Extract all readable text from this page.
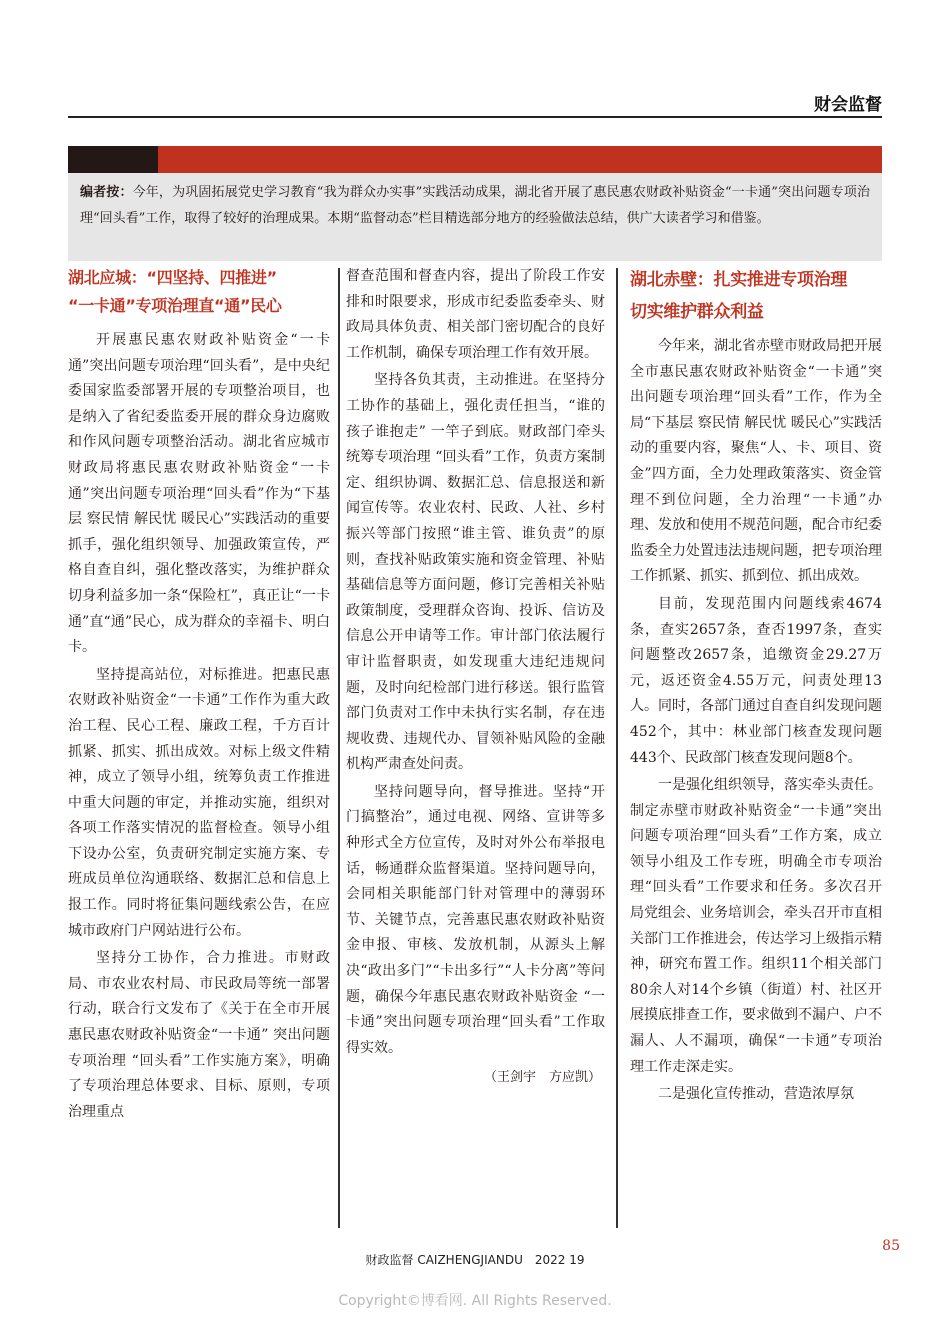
财会监督
编者按：今年，为巩固拓展党史学习教育“我为群众办实事”实践活动成果，湖北省开展了惠民惠农财政补贴资金“一卡通”突出问题专项治理“回头看”工作，取得了较好的治理成果。本期“监督动态”栏目精选部分地方的经验做法总结，供广大读者学习和借鉴。
湖北应城：“四坚持、四推进”
“一卡通”专项治理直“通”民心

开展惠民惠农财政补贴资金“一卡通”突出问题专项治理“回头看”，是中央纪委国家监委部署开展的专项整治项目，也是纳入了省纪委监委开展的群众身边腐败和作风问题专项整治活动。湖北省应城市财政局将惠民惠农财政补贴资金“一卡通”突出问题专项治理“回头看”作为“下基层 察民情 解民忧 暖民心”实践活动的重要抓手，强化组织领导、加强政策宣传，严格自查自纠，强化整改落实，为维护群众切身利益多加一条“保险杠”，真正让“一卡通”直“通”民心，成为群众的幸福卡、明白卡。

坚持提高站位，对标推进。把惠民惠农财政补贴资金“一卡通”工作作为重大政治工程、民心工程、廉政工程，千方百计抓紧、抓实、抓出成效。对标上级文件精神，成立了领导小组，统筹负责工作推进中重大问题的审定，并推动实施，组织对各项工作落实情况的监督检查。领导小组下设办公室，负责研究制定实施方案、专班成员单位沟通联络、数据汇总和信息上报工作。同时将征集问题线索公告，在应城市政府门户网站进行公布。

坚持分工协作，合力推进。市财政局、市农业农村局、市民政局等统一部署行动，联合行文发布了《关于在全市开展惠民惠农财政补贴资金“一卡通” 突出问题专项治理 “回头看”工作实施方案》，明确了专项治理总体要求、目标、原则，专项治理重点

督查范围和督查内容，提出了阶段工作安排和时限要求，形成市纪委监委牵头、财政局具体负责、相关部门密切配合的良好工作机制，确保专项治理工作有效开展。

坚持各负其责，主动推进。在坚持分工协作的基础上，强化责任担当，“谁的孩子谁抱走” 一竿子到底。财政部门牵头统筹专项治理 “回头看”工作，负责方案制定、组织协调、数据汇总、信息报送和新闻宣传等。农业农村、民政、人社、乡村振兴等部门按照“谁主管、谁负责”的原则，查找补贴政策实施和资金管理、补贴基础信息等方面问题，修订完善相关补贴政策制度，受理群众咨询、投诉、信访及信息公开申请等工作。审计部门依法履行审计监督职责，如发现重大违纪违规问题，及时向纪检部门进行移送。银行监管部门负责对工作中未执行实名制，存在违规收费、违规代办、冒领补贴风险的金融机构严肃查处问责。

坚持问题导向，督导推进。坚持“开门搞整治”，通过电视、网络、宣讲等多种形式全方位宣传，及时对外公布举报电话，畅通群众监督渠道。坚持问题导向，会同相关职能部门针对管理中的薄弱环节、关键节点，完善惠民惠农财政补贴资金申报、审核、发放机制，从源头上解决“政出多门”“卡出多行”“人卡分离”等问题，确保今年惠民惠农财政补贴资金 “一卡通”突出问题专项治理“回头看”工作取得实效。

（王剑宇　方应凯）

湖北赤壁：扎实推进专项治理
切实维护群众利益

今年来，湖北省赤壁市财政局把开展全市惠民惠农财政补贴资金“一卡通”突出问题专项治理“回头看”工作，作为全局“下基层 察民情 解民忧 暖民心”实践活动的重要内容，聚焦“人、卡、项目、资金”四方面，全力处理政策落实、资金管理不到位问题，全力治理“一卡通”办理、发放和使用不规范问题，配合市纪委监委全力处置违法违规问题，把专项治理工作抓紧、抓实、抓到位、抓出成效。

目前，发现范围内问题线索4674条，查实2657条，查否1997条，查实问题整改2657条，追缴资金29.27万元，返还资金4.55万元，问责处理13人。同时，各部门通过自查自纠发现问题452个，其中：林业部门核查发现问题443个、民政部门核查发现问题8个。

一是强化组织领导，落实牵头责任。制定赤壁市财政补贴资金“一卡通”突出问题专项治理“回头看”工作方案，成立领导小组及工作专班，明确全市专项治理“回头看”工作要求和任务。多次召开局党组会、业务培训会，牵头召开市直相关部门工作推进会，传达学习上级指示精神，研究布置工作。组织11个相关部门80余人对14个乡镇（街道）村、社区开展摸底排查工作，要求做到不漏户、户不漏人、人不漏项，确保“一卡通”专项治理工作走深走实。

二是强化宣传推动，营造浓厚氛

财政监督 CAIZHENGJIANDU　2022 19
85
Copyright©博看网. All Rights Reserved.
